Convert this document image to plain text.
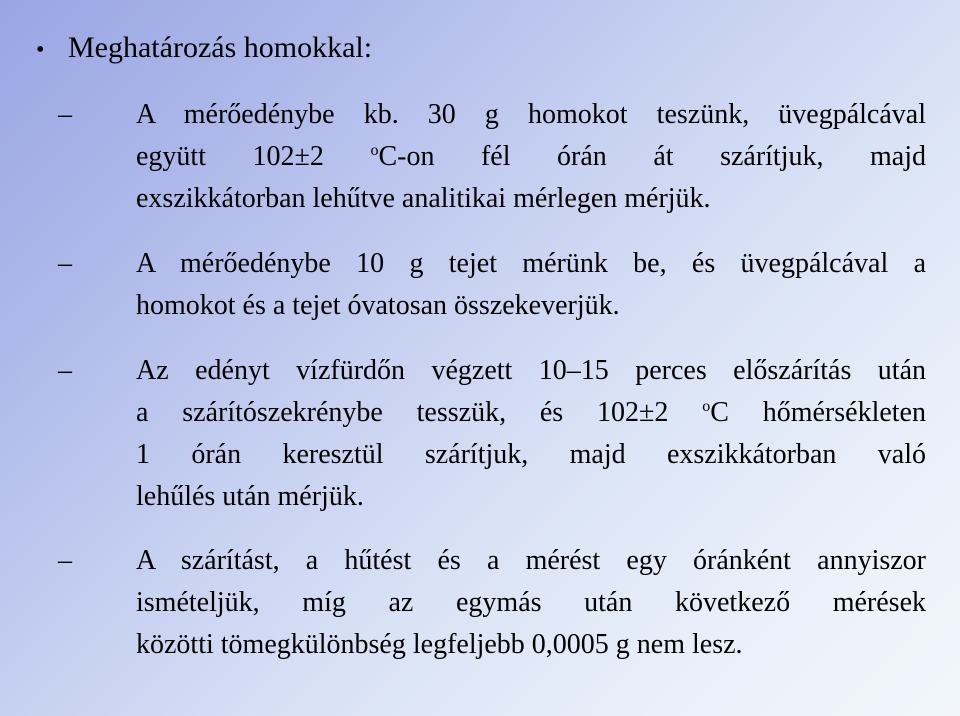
• Meghatározás homokkal:
–	A mérőedénybe kb. 30 g homokot teszünk, üvegpálcával
együtt 102±2 $^o$C-on fél órán át szárítjuk, majd
exszikkátorban lehűtve analitikai mérlegen mérjük.
–	A mérőedénybe 10 g tejet mérünk be, és üvegpálcával a
homokot és a tejet óvatosan összekeverjük.
–	Az edényt vízfürdőn végzett 10–15 perces előszárítás után
a szárítószekrénybe tesszük, és 102±2 $^o$C hőmérsékleten
1 órán keresztül szárítjuk, majd exszikkátorban való
lehűlés után mérjük.
–	A szárítást, a hűtést és a mérést egy óránként annyiszor
ismételjük, míg az egymás után következő mérések
közötti tömegkülönbség legfeljebb 0,0005 g nem lesz.
